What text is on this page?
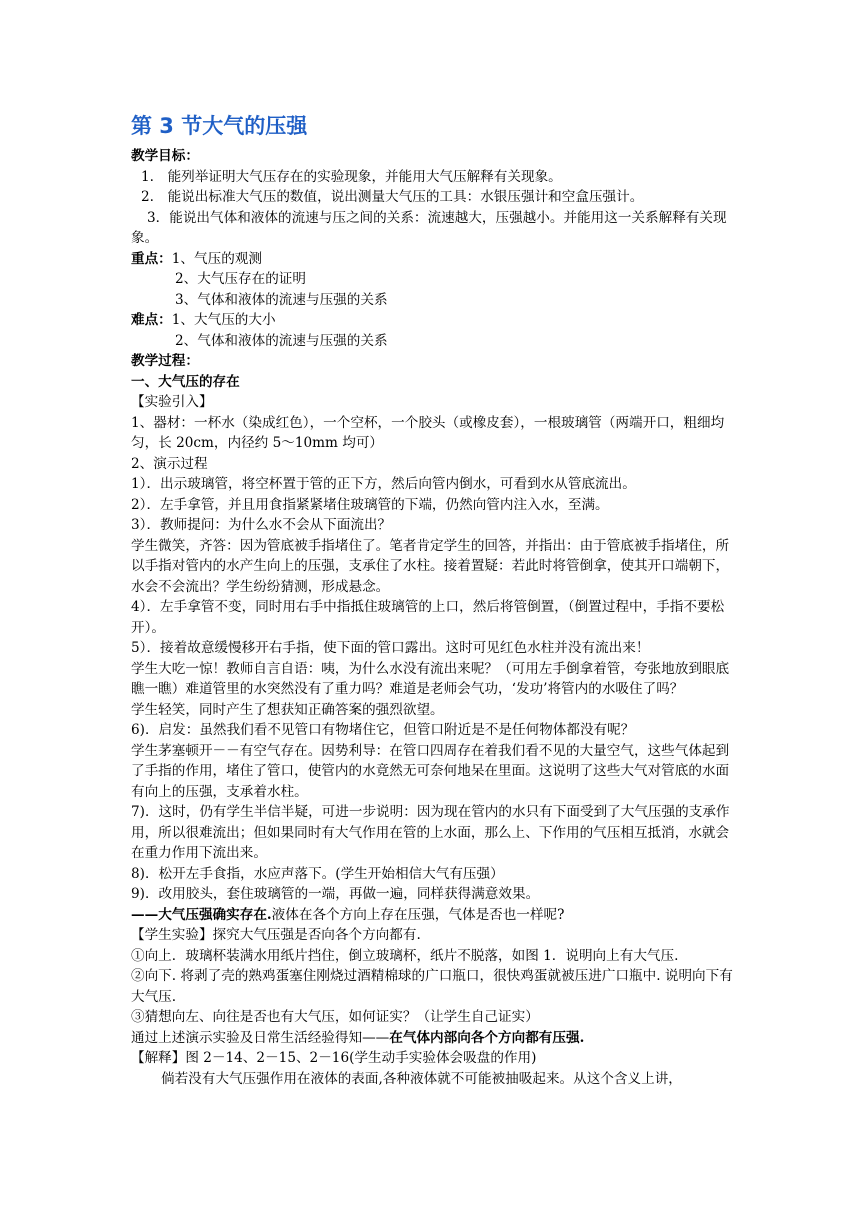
第 3 节大气的压强
教学目标：
1.　能列举证明大气压存在的实验现象，并能用大气压解释有关现象。
2.　能说出标准大气压的数值，说出测量大气压的工具：水银压强计和空盒压强计。
3．能说出气体和液体的流速与压之间的关系：流速越大，压强越小。并能用这一关系解释有关现象。
重点：1、气压的观测
2、大气压存在的证明
3、气体和液体的流速与压强的关系
难点：1、大气压的大小
2、气体和液体的流速与压强的关系
教学过程：
一、大气压的存在
【实验引入】
1、器材：一杯水（染成红色），一个空杯，一个胶头（或橡皮套），一根玻璃管（两端开口，粗细均匀，长 20cm，内径约 5～10mm 均可）
2、演示过程
1）．出示玻璃管，将空杯置于管的正下方，然后向管内倒水，可看到水从管底流出。
2）．左手拿管，并且用食指紧紧堵住玻璃管的下端，仍然向管内注入水，至满。
3）．教师提问：为什么水不会从下面流出？
学生微笑，齐答：因为管底被手指堵住了。笔者肯定学生的回答，并指出：由于管底被手指堵住，所以手指对管内的水产生向上的压强，支承住了水柱。接着置疑：若此时将管倒拿，使其开口端朝下，水会不会流出？学生纷纷猜测，形成悬念。
4）．左手拿管不变，同时用右手中指抵住玻璃管的上口，然后将管倒置，（倒置过程中，手指不要松开）。
5）．接着故意缓慢移开右手指，使下面的管口露出。这时可见红色水柱并没有流出来！
学生大吃一惊！教师自言自语：咦，为什么水没有流出来呢？（可用左手倒拿着管，夸张地放到眼底瞧一瞧）难道管里的水突然没有了重力吗？难道是老师会气功，‘发功’将管内的水吸住了吗？
学生轻笑，同时产生了想获知正确答案的强烈欲望。
6)．启发：虽然我们看不见管口有物堵住它，但管口附近是不是任何物体都没有呢？
学生茅塞顿开－－有空气存在。因势利导：在管口四周存在着我们看不见的大量空气，这些气体起到了手指的作用，堵住了管口，使管内的水竟然无可奈何地呆在里面。这说明了这些大气对管底的水面有向上的压强，支承着水柱。
7)．这时，仍有学生半信半疑，可进一步说明：因为现在管内的水只有下面受到了大气压强的支承作用，所以很难流出；但如果同时有大气作用在管的上水面，那么上、下作用的气压相互抵消，水就会在重力作用下流出来。
8)．松开左手食指，水应声落下。(学生开始相信大气有压强）
9)．改用胶头，套住玻璃管的一端，再做一遍，同样获得满意效果。
——大气压强确实存在.液体在各个方向上存在压强，气体是否也一样呢?
【学生实验】探究大气压强是否向各个方向都有.
①向上．玻璃杯装满水用纸片挡住，倒立玻璃杯，纸片不脱落，如图 1．说明向上有大气压.
②向下. 将剥了壳的熟鸡蛋塞住刚烧过酒精棉球的广口瓶口，很快鸡蛋就被压进广口瓶中. 说明向下有大气压.
③猜想向左、向往是否也有大气压，如何证实？（让学生自己证实）
通过上述演示实验及日常生活经验得知——在气体内部向各个方向都有压强.
【解释】图 2－14、2－15、2－16(学生动手实验体会吸盘的作用)
倘若没有大气压强作用在液体的表面,各种液体就不可能被抽吸起来。从这个含义上讲，
